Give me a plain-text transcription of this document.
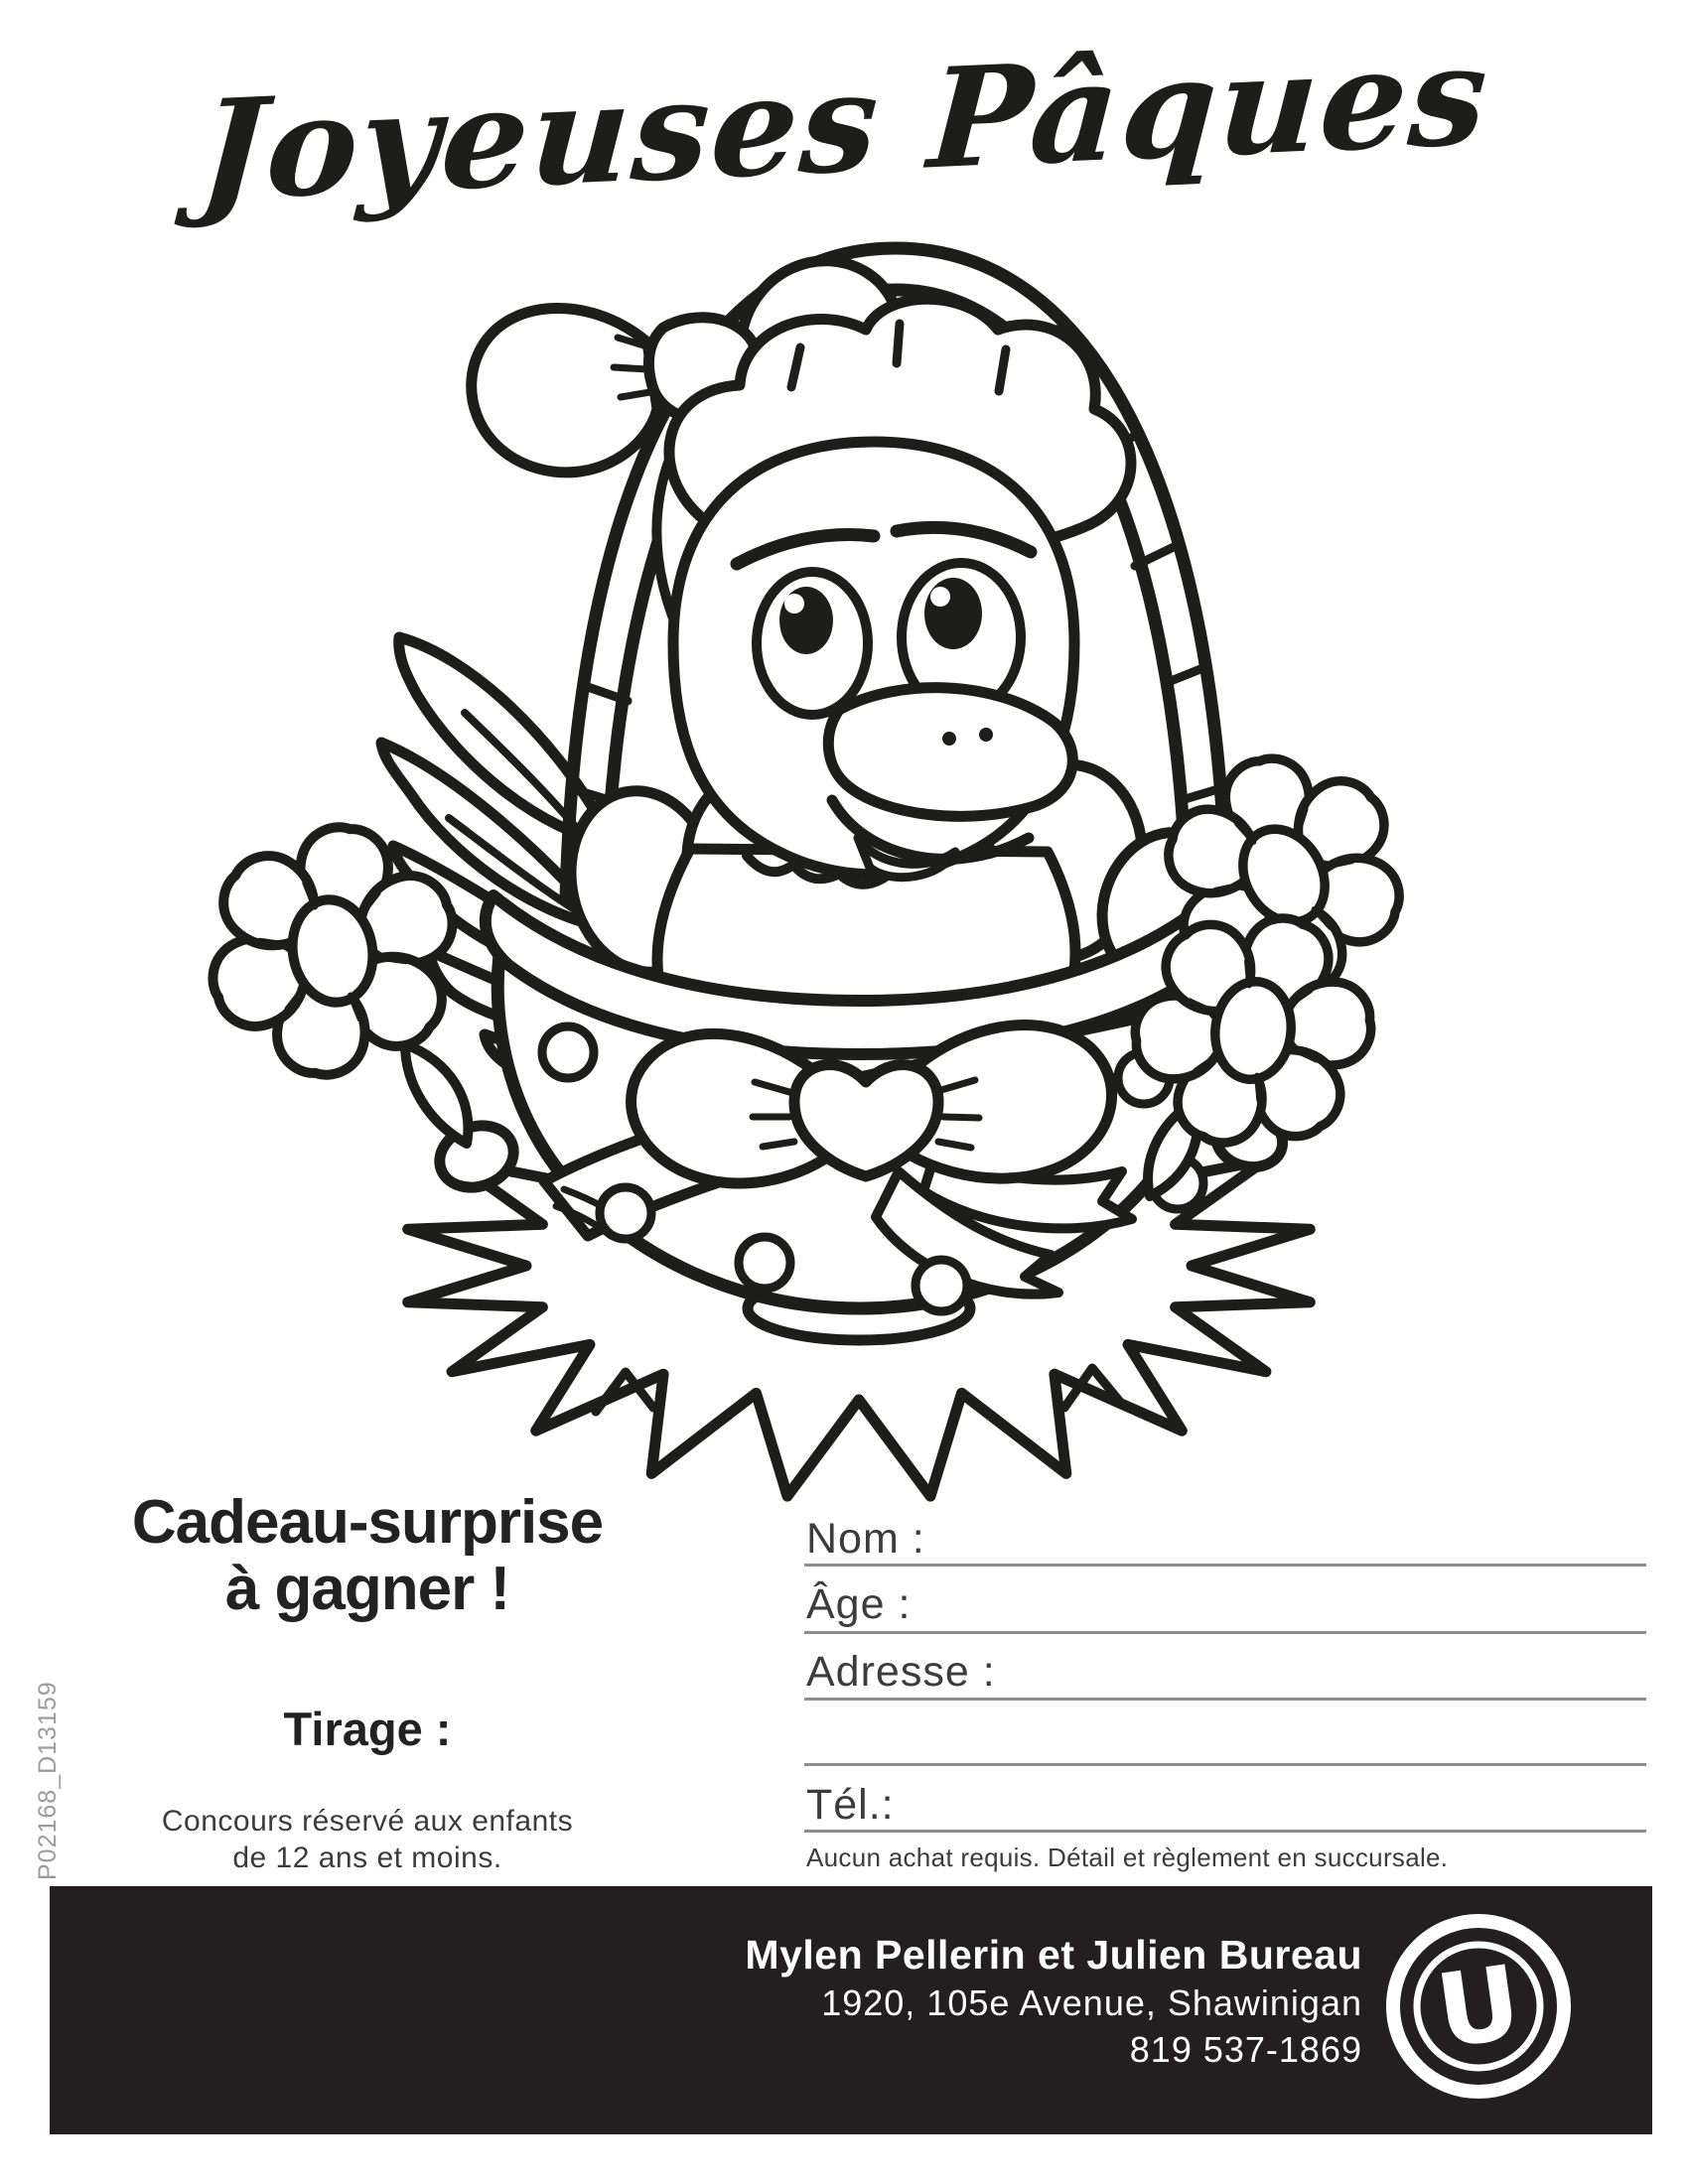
Joyeuses Pâques
Cadeau-surprise
à gagner !
Tirage :
Concours réservé aux enfants
de 12 ans et moins.
Nom :
Âge :
Adresse :
Tél.:
Aucun achat requis. Détail et règlement en succursale.
P02168_D13159
Mylen Pellerin et Julien Bureau
1920, 105e Avenue, Shawinigan
819 537-1869 U
